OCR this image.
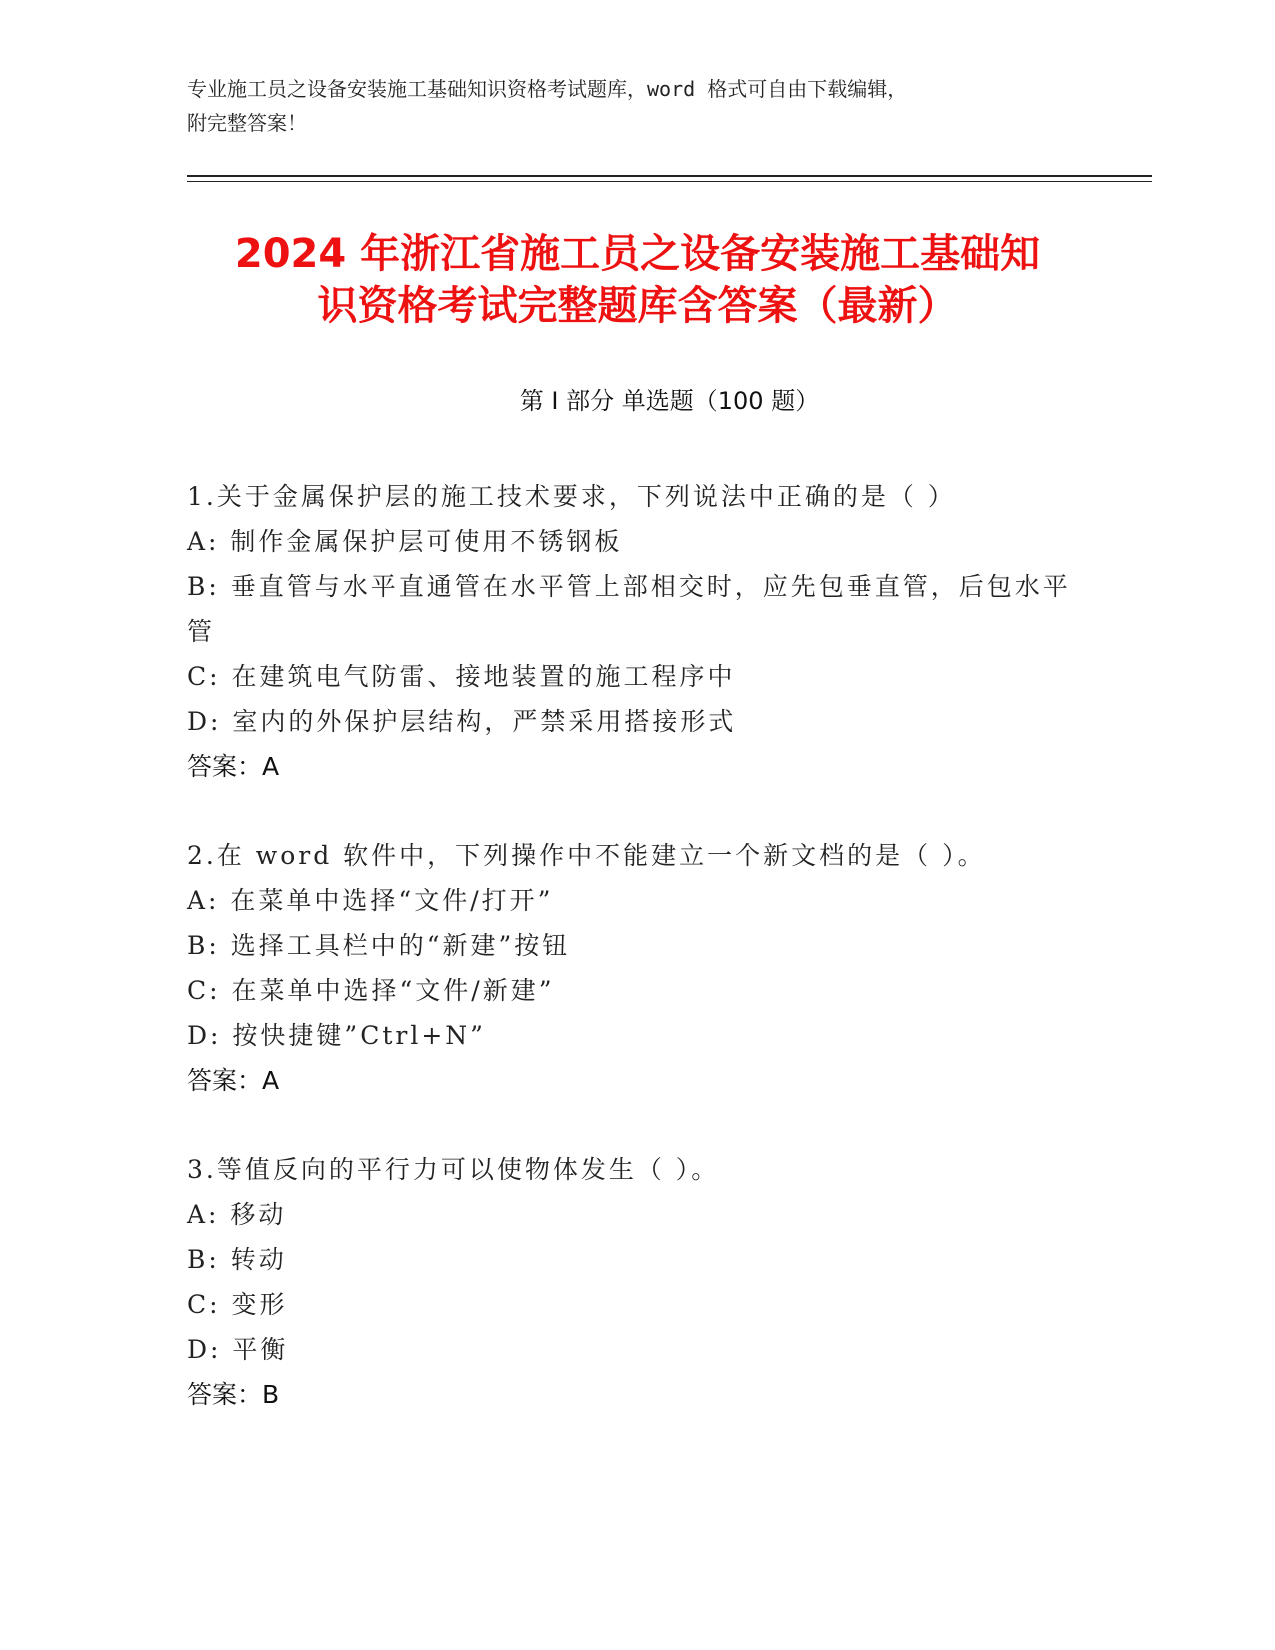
专业施工员之设备安装施工基础知识资格考试题库，word 格式可自由下载编辑，
附完整答案！
2024 年浙江省施工员之设备安装施工基础知
识资格考试完整题库含答案（最新）
第 I 部分 单选题（100 题）
1.关于金属保护层的施工技术要求，下列说法中正确的是（ ）
A: 制作金属保护层可使用不锈钢板
B: 垂直管与水平直通管在水平管上部相交时，应先包垂直管，后包水平管
C: 在建筑电气防雷、接地装置的施工程序中
D: 室内的外保护层结构，严禁采用搭接形式
答案：A
2.在 word 软件中，下列操作中不能建立一个新文档的是（ ）。
A: 在菜单中选择“文件/打开”
B: 选择工具栏中的“新建”按钮
C: 在菜单中选择“文件/新建”
D: 按快捷键”Ctrl+N”
答案：A
3.等值反向的平行力可以使物体发生（ ）。
A: 移动
B: 转动
C: 变形
D: 平衡
答案：B
